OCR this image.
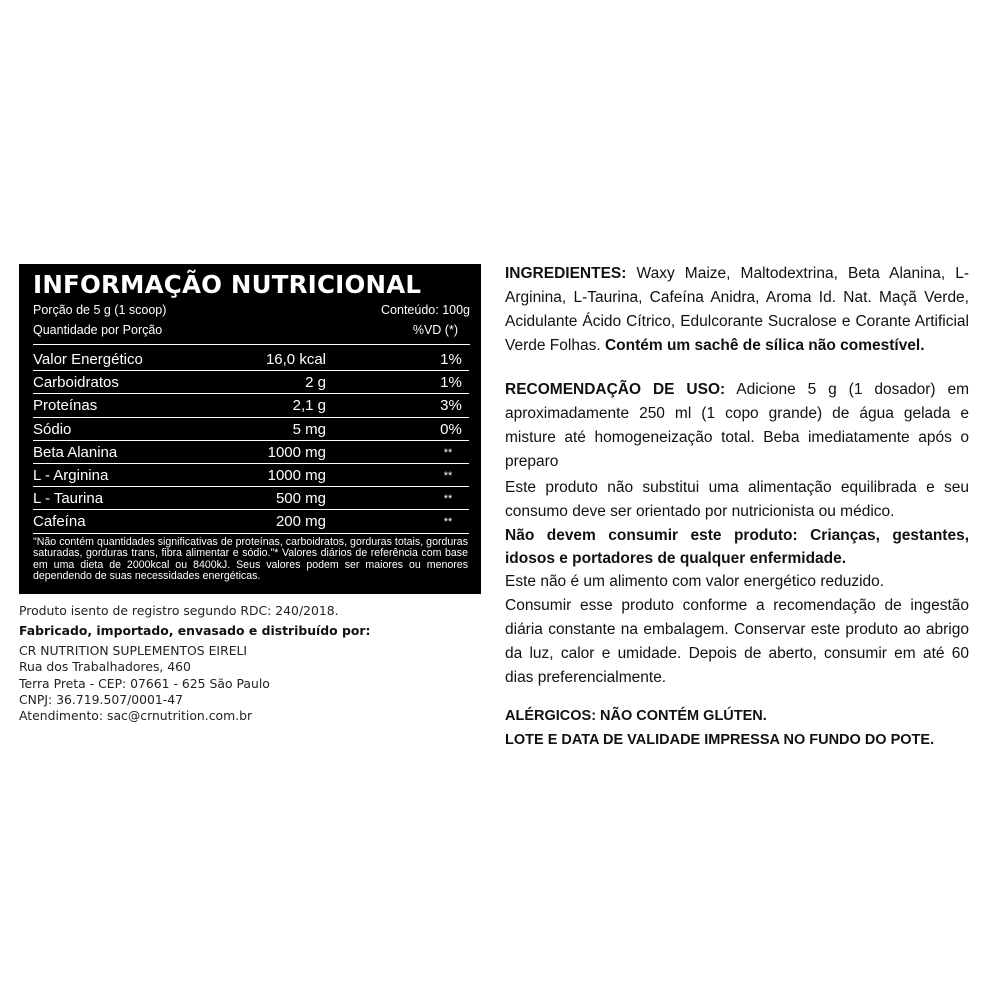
INFORMAÇÃO NUTRICIONAL
Porção de 5 g (1 scoop)	Conteúdo: 100g
Quantidade por Porção	%VD (*)
Valor Energético	16,0 kcal	1%
Carboidratos	2 g	1%
Proteínas	2,1 g	3%
Sódio	5 mg	0%
Beta Alanina	1000 mg	**
L - Arginina	1000 mg	**
L - Taurina	500 mg	**
Cafeína	200 mg	**
"Não contém quantidades significativas de proteínas, carboidratos, gorduras totais, gorduras saturadas, gorduras trans, fibra alimentar e sódio."* Valores diários de referência com base em uma dieta de 2000kcal ou 8400kJ. Seus valores podem ser maiores ou menores dependendo de suas necessidades energéticas.

Produto isento de registro segundo RDC: 240/2018.

Fabricado, importado, envasado e distribuído por:

CR NUTRITION SUPLEMENTOS EIRELI

Rua dos Trabalhadores, 460

Terra Preta - CEP: 07661 - 625 São Paulo

CNPJ: 36.719.507/0001-47

Atendimento: sac@crnutrition.com.br

INGREDIENTES: Waxy Maize, Maltodextrina, Beta Alanina, L-Arginina, L-Taurina, Cafeína Anidra, Aroma Id. Nat. Maçã Verde, Acidulante Ácido Cítrico, Edulcorante Sucralose e Corante Artificial Verde Folhas. Contém um sachê de sílica não comestível.

RECOMENDAÇÃO DE USO: Adicione 5 g (1 dosador) em aproximadamente 250 ml (1 copo grande) de água gelada e misture até homogeneização total. Beba imediatamente após o preparo

Este produto não substitui uma alimentação equilibrada e seu consumo deve ser orientado por nutricionista ou médico.

Não devem consumir este produto: Crianças, gestantes, idosos e portadores de qualquer enfermidade.

Este não é um alimento com valor energético reduzido.

Consumir esse produto conforme a recomendação de ingestão diária constante na embalagem. Conservar este produto ao abrigo da luz, calor e umidade. Depois de aberto, consumir em até 60 dias preferencialmente.

ALÉRGICOS: NÃO CONTÉM GLÚTEN.

LOTE E DATA DE VALIDADE IMPRESSA NO FUNDO DO POTE.
